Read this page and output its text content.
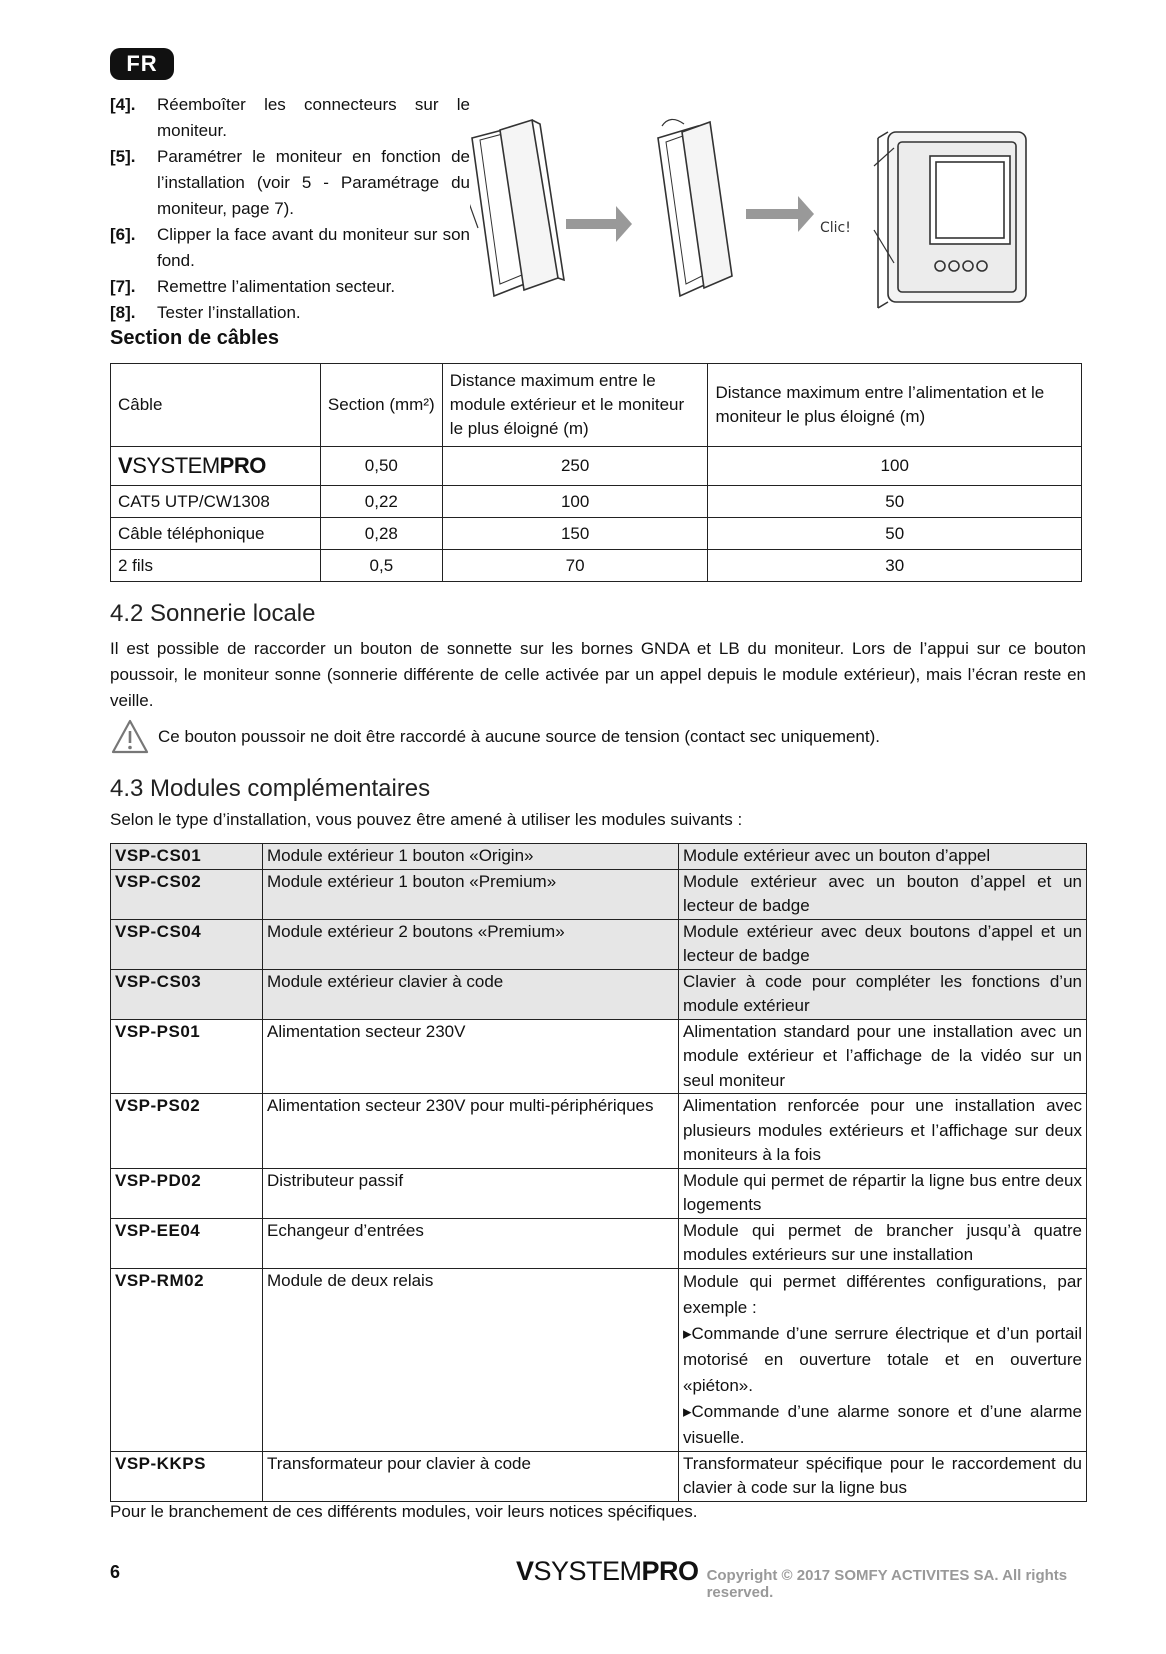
FR
[4].	Réemboîter les connecteurs sur le moniteur.
[5].	Paramétrer le moniteur en fonction de l’installation (voir 5 - Paramétrage du moniteur, page 7).
[6].	Clipper la face avant du moniteur sur son fond.
[7].	Remettre l’alimentation secteur.
[8].	Tester l’installation.
Clic!
Section de câbles
Câble	Section (mm²)	Distance maximum entre le module extérieur et le moniteur le plus éloigné (m)	Distance maximum entre l’alimentation et le moniteur le plus éloigné (m)
VSYSTEMPRO	0,50	250	100
CAT5 UTP/CW1308	0,22	100	50
Câble téléphonique	0,28	150	50
2 fils	0,5	70	30
4.2 Sonnerie locale
Il est possible de raccorder un bouton de sonnette sur les bornes GNDA et LB du moniteur. Lors de l’appui sur ce bouton poussoir, le moniteur sonne (sonnerie différente de celle activée par un appel depuis le module extérieur), mais l’écran reste en veille.
Ce bouton poussoir ne doit être raccordé à aucune source de tension (contact sec uniquement).
4.3 Modules complémentaires
Selon le type d’installation, vous pouvez être amené à utiliser les modules suivants :
VSP-CS01	Module extérieur 1 bouton «Origin»	Module extérieur avec un bouton d’appel

VSP-CS02	Module extérieur 1 bouton «Premium»	Module extérieur avec un bouton d’appel et un lecteur de badge

VSP-CS04	Module extérieur 2 boutons «Premium»	Module extérieur avec deux boutons d’appel et un lecteur de badge

VSP-CS03	Module extérieur clavier à code	Clavier à code pour compléter les fonctions d’un module extérieur

VSP-PS01	Alimentation secteur 230V	Alimentation standard pour une installation avec un module extérieur et l’affichage de la vidéo sur un seul moniteur

VSP-PS02	Alimentation secteur 230V pour multi-périphériques	Alimentation renforcée pour une installation avec plusieurs modules extérieurs et l’affichage sur deux moniteurs à la fois

VSP-PD02	Distributeur passif	Module qui permet de répartir la ligne bus entre deux logements

VSP-EE04	Echangeur d’entrées	Module qui permet de brancher jusqu’à quatre modules extérieurs sur une installation

VSP-RM02	Module de deux relais	Module qui permet différentes configurations, par exemple :
▸Commande d’une serrure électrique et d’un portail motorisé en ouverture totale et en ouverture «piéton».
▸Commande d’une alarme sonore et d’une alarme visuelle.

VSP-KKPS	Transformateur pour clavier à code	Transformateur spécifique pour le raccordement du clavier à code sur la ligne bus
Pour le branchement de ces différents modules, voir leurs notices spécifiques.
6	VSYSTEMPRO Copyright © 2017 SOMFY ACTIVITES SA. All rights reserved.
